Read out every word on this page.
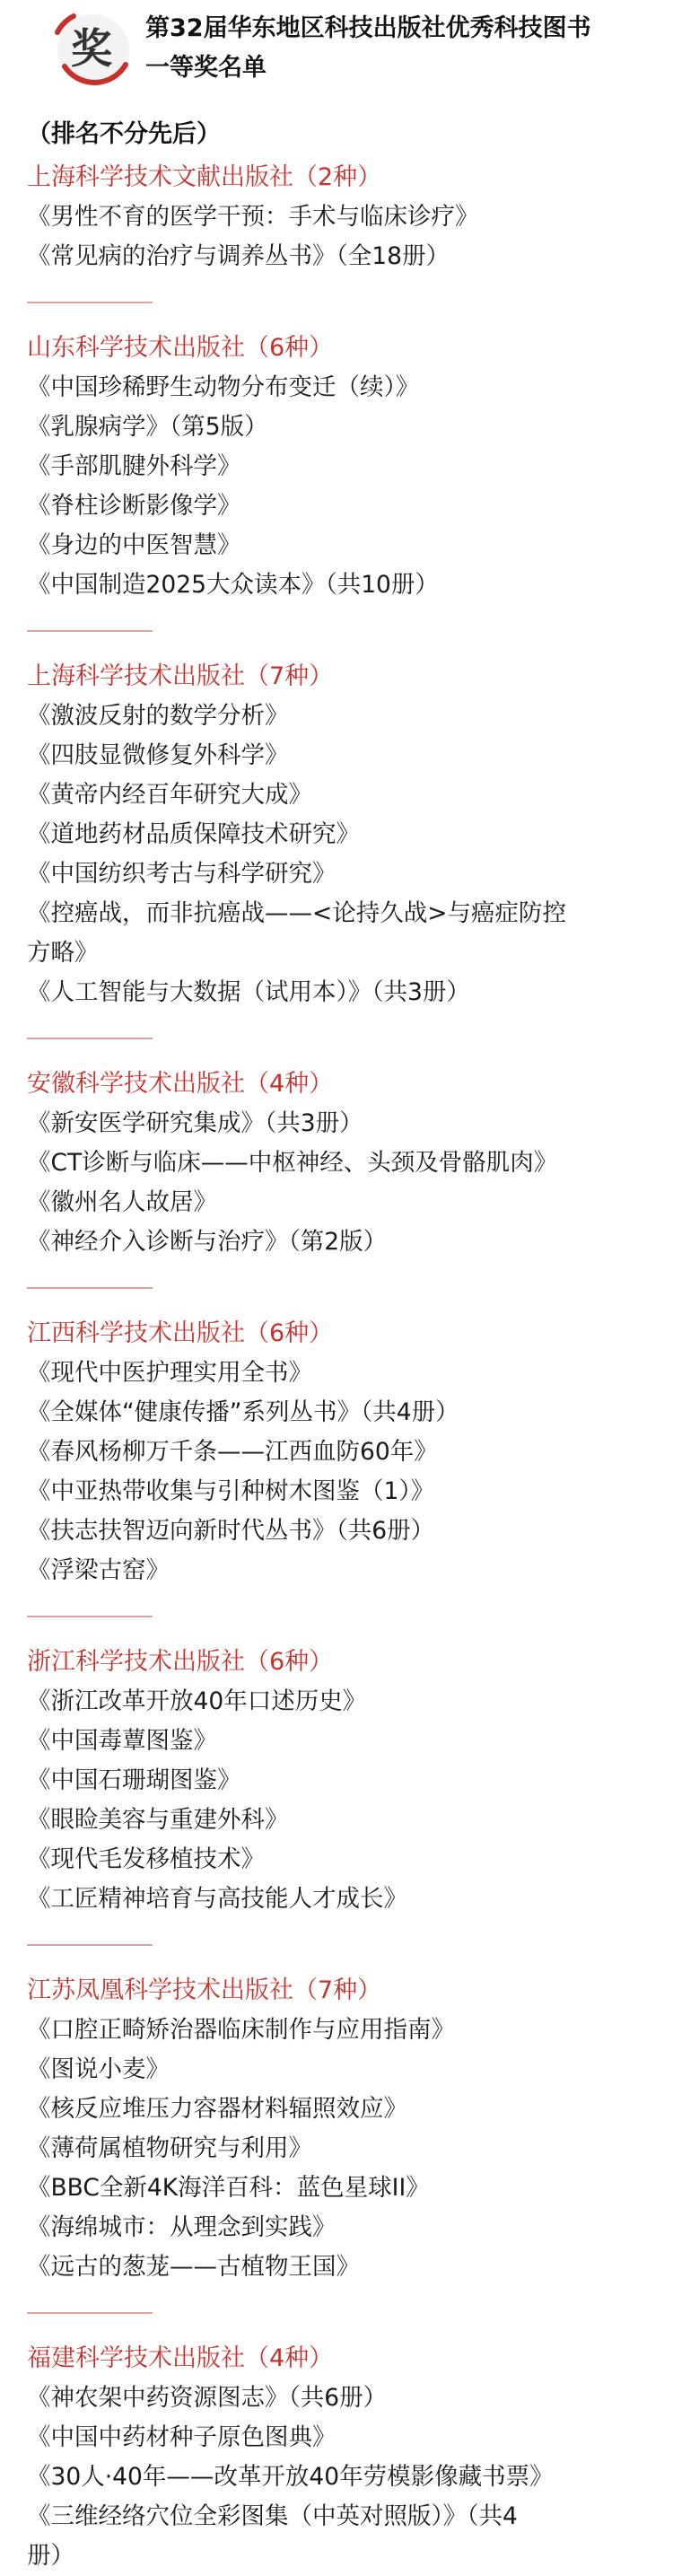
奖 第32届华东地区科技出版社优秀科技图书
一等奖名单
（排名不分先后）
上海科学技术文献出版社（2种）
《男性不育的医学干预：手术与临床诊疗》
《常见病的治疗与调养丛书》（全18册）
山东科学技术出版社（6种）
《中国珍稀野生动物分布变迁（续）》
《乳腺病学》（第5版）
《手部肌腱外科学》
《脊柱诊断影像学》
《身边的中医智慧》
《中国制造2025大众读本》（共10册）
上海科学技术出版社（7种）
《激波反射的数学分析》
《四肢显微修复外科学》
《黄帝内经百年研究大成》
《道地药材品质保障技术研究》
《中国纺织考古与科学研究》
《控癌战，而非抗癌战——<论持久战>与癌症防控
方略》
《人工智能与大数据（试用本）》（共3册）
安徽科学技术出版社（4种）
《新安医学研究集成》（共3册）
《CT诊断与临床——中枢神经、头颈及骨骼肌肉》
《徽州名人故居》
《神经介入诊断与治疗》（第2版）
江西科学技术出版社（6种）
《现代中医护理实用全书》
《全媒体“健康传播”系列丛书》（共4册）
《春风杨柳万千条——江西血防60年》
《中亚热带收集与引种树木图鉴（1）》
《扶志扶智迈向新时代丛书》（共6册）
《浮梁古窑》
浙江科学技术出版社（6种）
《浙江改革开放40年口述历史》
《中国毒蕈图鉴》
《中国石珊瑚图鉴》
《眼睑美容与重建外科》
《现代毛发移植技术》
《工匠精神培育与高技能人才成长》
江苏凤凰科学技术出版社（7种）
《口腔正畸矫治器临床制作与应用指南》
《图说小麦》
《核反应堆压力容器材料辐照效应》
《薄荷属植物研究与利用》
《BBC全新4K海洋百科：蓝色星球II》
《海绵城市：从理念到实践》
《远古的葱茏——古植物王国》
福建科学技术出版社（4种）
《神农架中药资源图志》（共6册）
《中国中药材种子原色图典》
《30人·40年——改革开放40年劳模影像藏书票》
《三维经络穴位全彩图集（中英对照版）》（共4
册）
